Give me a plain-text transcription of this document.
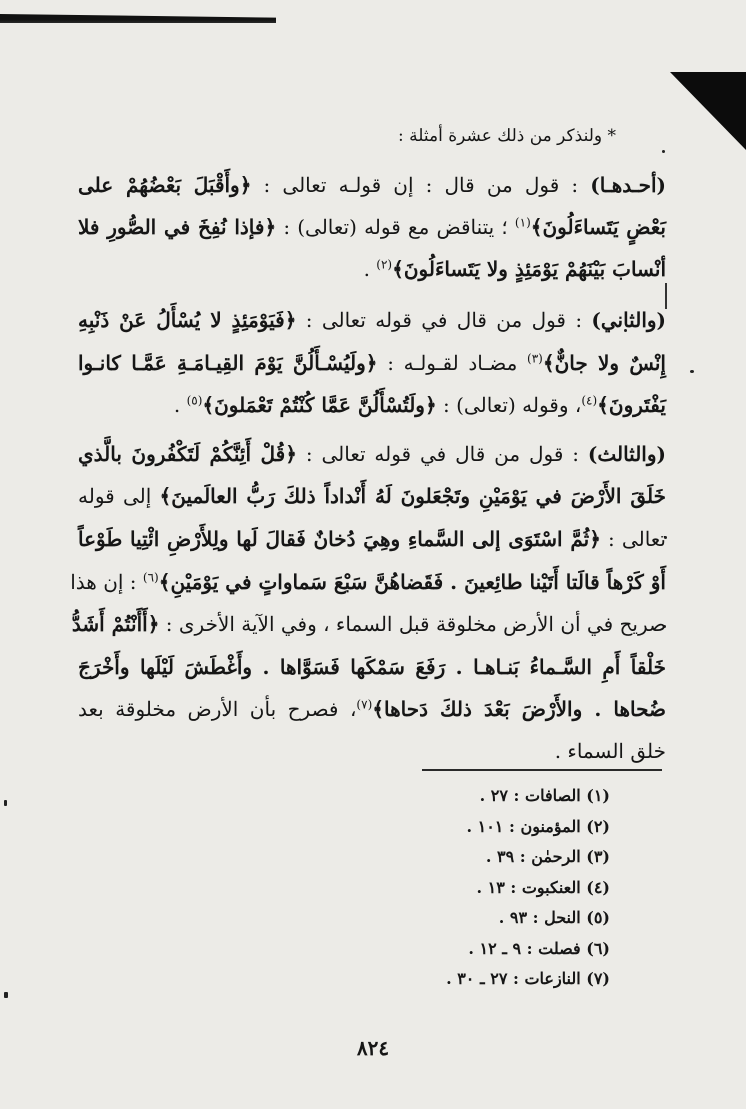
* ولنذكر من ذلك عشرة أمثلة :
(أحـدهـا) : قول من قال : إن قولـه تعالى : ﴿وأَقْبَلَ بَعْضُهُمْ على
بَعْضٍ يَتَساءَلُونَ﴾$^{(١)}$ ؛ يتناقض مع قوله (تعالى) : ﴿فإذا نُفِخَ في الصُّورِ فلا
أنْسابَ بَيْنَهُمْ يَوْمَئِذٍ ولا يَتَساءَلُونَ﴾$^{(٢)}$ .
(والثاني) : قول من قال في قوله تعالى : ﴿فَيَوْمَئِذٍ لا يُسْأَلُ عَنْ ذَنْبِهِ
إِنْسٌ ولا جانٌّ﴾$^{(٣)}$ مضـاد لقـولـه : ﴿ولَيُسْـأَلُنَّ يَوْمَ القِيـامَـةِ عَمَّـا كانـوا
يَفْتَرونَ﴾$^{(٤)}$، وقوله (تعالى) : ﴿ولَتُسْأَلُنَّ عَمَّا كُنْتُمْ تَعْمَلونَ﴾$^{(٥)}$ .
(والثالث) : قول من قال في قوله تعالى : ﴿قُلْ أَئِنَّكُمْ لَتَكْفُرونَ بالَّذي
خَلَقَ الأَرْضَ في يَوْمَيْنِ وتَجْعَلونَ لَهُ أَنْداداً ذلكَ رَبُّ العالَمينَ﴾ إلى قوله
تعالى : ﴿ثُمَّ اسْتَوَى إلى السَّماءِ وهِيَ دُخانٌ فَقالَ لَها ولِلأَرْضِ ائْتِيا طَوْعاً
أَوْ كَرْهاً قالَتا أَتَيْنا طائِعينَ . فَقَضاهُنَّ سَبْعَ سَماواتٍ في يَوْمَيْنِ﴾$^{(٦)}$ : إن هذا
صريح في أن الأرض مخلوقة قبل السماء ، وفي الآية الأخرى : ﴿أَأَنْتُمْ أَشَدُّ
خَلْقاً أَمِ السَّـماءُ بَنـاهـا . رَفَعَ سَمْكَها فَسَوَّاها . وأَغْطَشَ لَيْلَها وأَخْرَجَ
ضُحاها . والأَرْضَ بَعْدَ ذلكَ دَحاها﴾$^{(٧)}$، فصرح بأن الأرض مخلوقة بعد
خلق السماء .
(١) الصافات : ٢٧ .
(٢) المؤمنون : ١٠١ .
(٣) الرحمٰن : ٣٩ .
(٤) العنكبوت : ١٣ .
(٥) النحل : ٩٣ .
(٦) فصلت : ٩ ـ ١٢ .
(٧) النازعات : ٢٧ ـ ٣٠ .
٨٢٤
